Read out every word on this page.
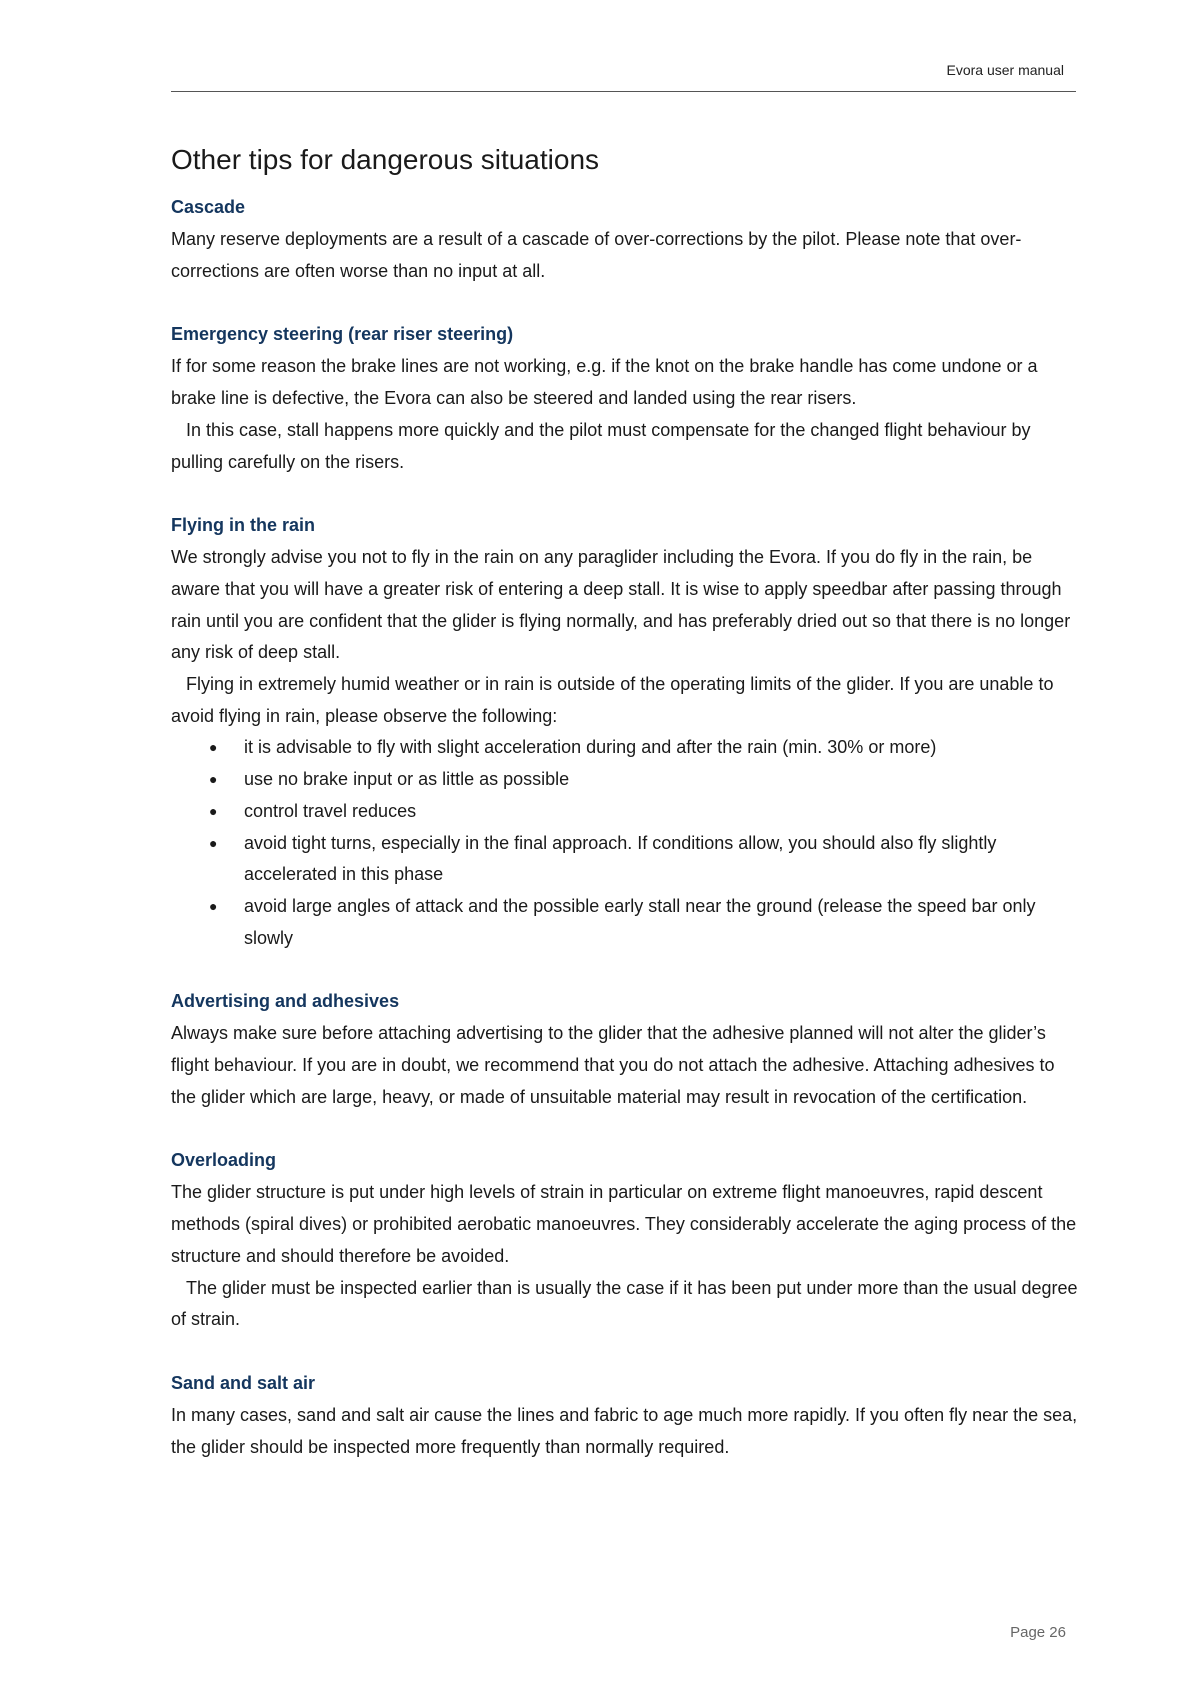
Evora user manual
Other tips for dangerous situations
Cascade

Many reserve deployments are a result of a cascade of over-corrections by the pilot. Please note that over-corrections are often worse than no input at all.

Emergency steering (rear riser steering)

If for some reason the brake lines are not working, e.g. if the knot on the brake handle has come undone or a brake line is defective, the Evora can also be steered and landed using the rear risers.

In this case, stall happens more quickly and the pilot must compensate for the changed flight behaviour by pulling carefully on the risers.

Flying in the rain

We strongly advise you not to fly in the rain on any paraglider including the Evora. If you do fly in the rain, be aware that you will have a greater risk of entering a deep stall. It is wise to apply speedbar after passing through rain until you are confident that the glider is flying normally, and has preferably dried out so that there is no longer any risk of deep stall.

Flying in extremely humid weather or in rain is outside of the operating limits of the glider. If you are unable to avoid flying in rain, please observe the following:

● it is advisable to fly with slight acceleration during and after the rain (min. 30% or more)
● use no brake input or as little as possible
● control travel reduces
● avoid tight turns, especially in the final approach. If conditions allow, you should also fly slightly accelerated in this phase
● avoid large angles of attack and the possible early stall near the ground (release the speed bar only slowly
Advertising and adhesives

Always make sure before attaching advertising to the glider that the adhesive planned will not alter the glider’s flight behaviour. If you are in doubt, we recommend that you do not attach the adhesive. Attaching adhesives to the glider which are large, heavy, or made of unsuitable material may result in revocation of the certification.

Overloading

The glider structure is put under high levels of strain in particular on extreme flight manoeuvres, rapid descent methods (spiral dives) or prohibited aerobatic manoeuvres. They considerably accelerate the aging process of the structure and should therefore be avoided.

The glider must be inspected earlier than is usually the case if it has been put under more than the usual degree of strain.

Sand and salt air

In many cases, sand and salt air cause the lines and fabric to age much more rapidly. If you often fly near the sea, the glider should be inspected more frequently than normally required.

Page 26
